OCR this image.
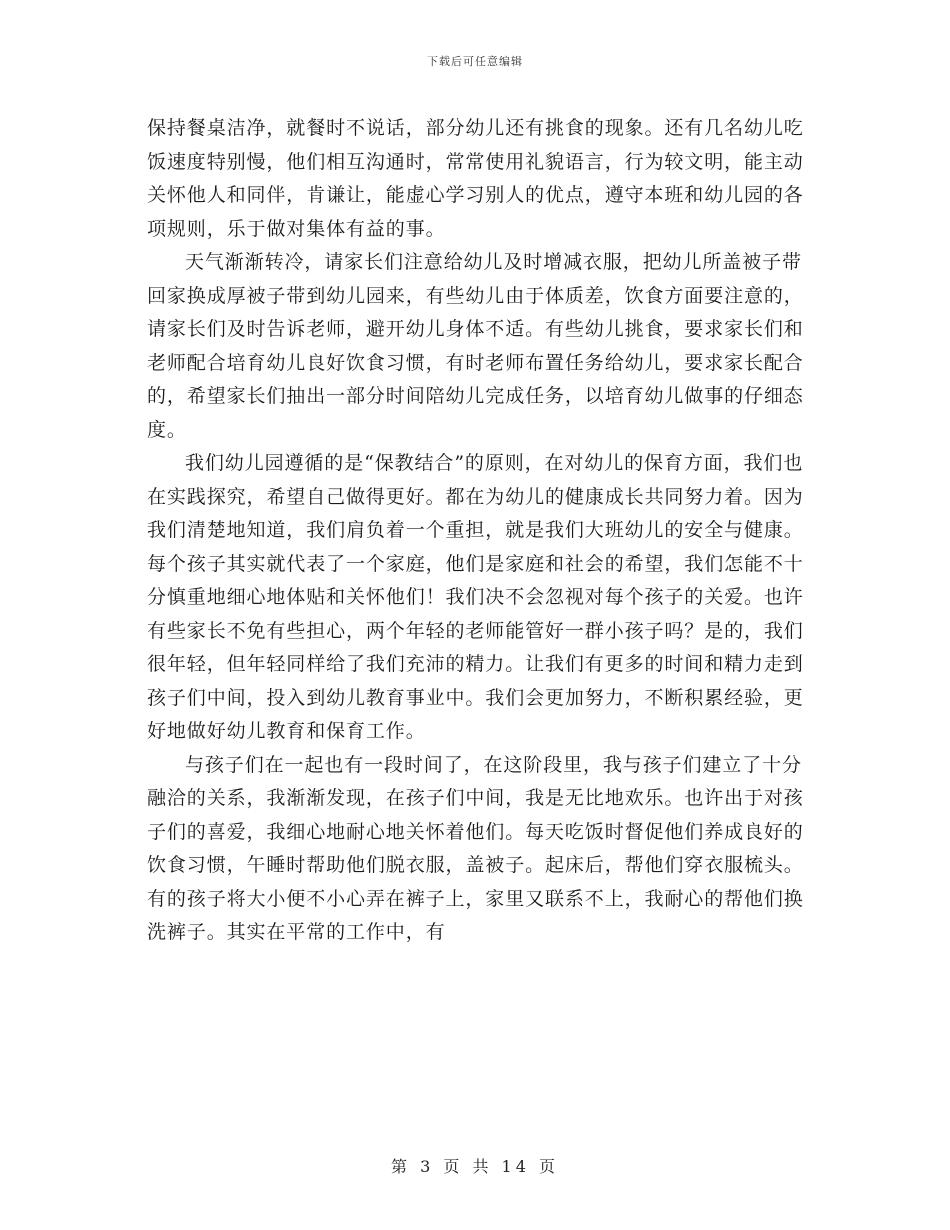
下载后可任意编辑

保持餐桌洁净，就餐时不说话，部分幼儿还有挑食的现象。还有几名幼儿吃饭速度特别慢，他们相互沟通时，常常使用礼貌语言，行为较文明，能主动关怀他人和同伴，肯谦让，能虚心学习别人的优点，遵守本班和幼儿园的各项规则，乐于做对集体有益的事。

天气渐渐转冷，请家长们注意给幼儿及时增减衣服，把幼儿所盖被子带回家换成厚被子带到幼儿园来，有些幼儿由于体质差，饮食方面要注意的，请家长们及时告诉老师，避开幼儿身体不适。有些幼儿挑食，要求家长们和老师配合培育幼儿良好饮食习惯，有时老师布置任务给幼儿，要求家长配合的，希望家长们抽出一部分时间陪幼儿完成任务，以培育幼儿做事的仔细态度。

我们幼儿园遵循的是“保教结合”的原则，在对幼儿的保育方面，我们也在实践探究，希望自己做得更好。都在为幼儿的健康成长共同努力着。因为我们清楚地知道，我们肩负着一个重担，就是我们大班幼儿的安全与健康。每个孩子其实就代表了一个家庭，他们是家庭和社会的希望，我们怎能不十分慎重地细心地体贴和关怀他们！我们决不会忽视对每个孩子的关爱。也许有些家长不免有些担心，两个年轻的老师能管好一群小孩子吗？是的，我们很年轻，但年轻同样给了我们充沛的精力。让我们有更多的时间和精力走到孩子们中间，投入到幼儿教育事业中。我们会更加努力，不断积累经验，更好地做好幼儿教育和保育工作。

与孩子们在一起也有一段时间了，在这阶段里，我与孩子们建立了十分融洽的关系，我渐渐发现，在孩子们中间，我是无比地欢乐。也许出于对孩子们的喜爱，我细心地耐心地关怀着他们。每天吃饭时督促他们养成良好的饮食习惯，午睡时帮助他们脱衣服，盖被子。起床后，帮他们穿衣服梳头。有的孩子将大小便不小心弄在裤子上，家里又联系不上，我耐心的帮他们换洗裤子。其实在平常的工作中，有

第 3 页 共 14 页
